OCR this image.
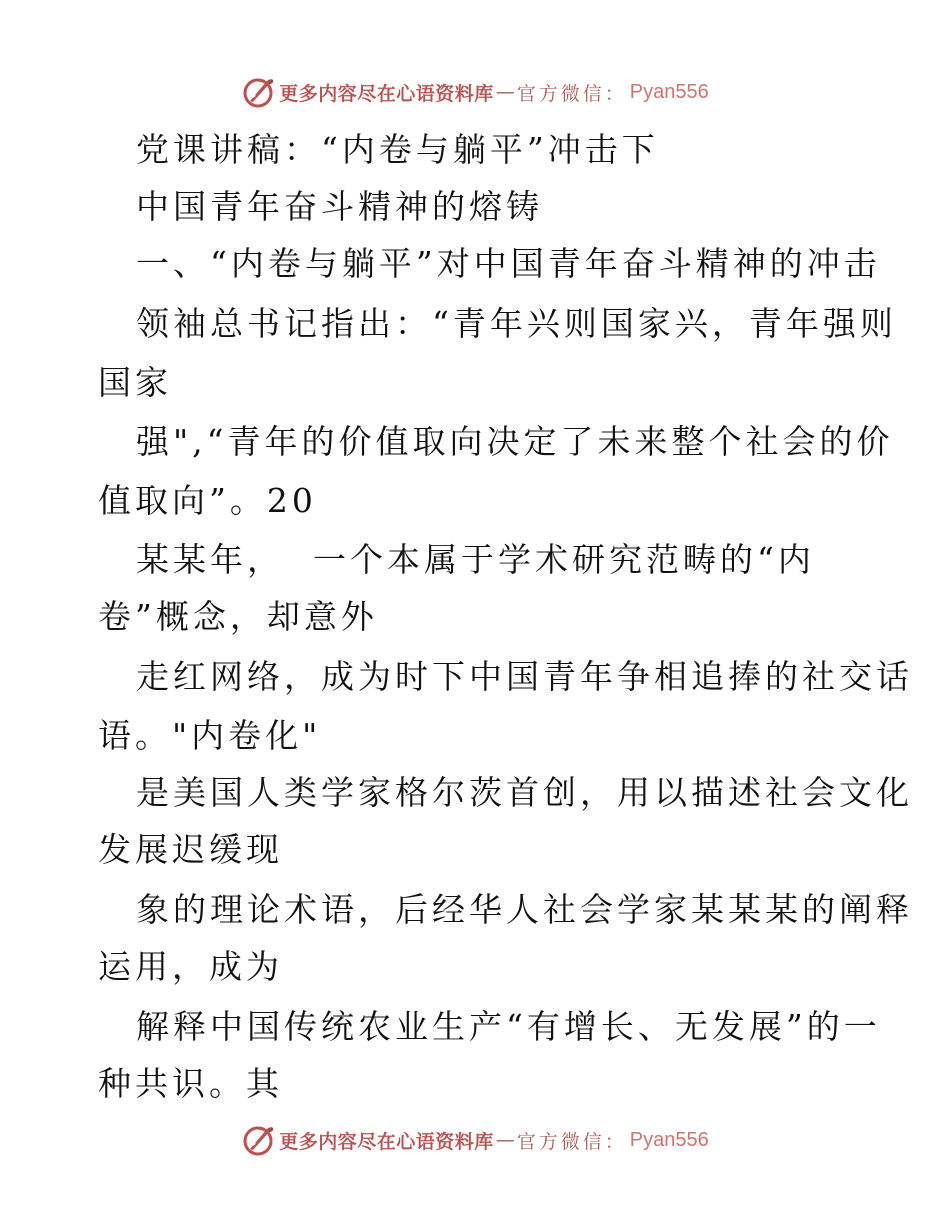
更多内容尽在心语资料库 — 官方微信 ： Pyan556
党课讲稿：“内卷与躺平”冲击下
中国青年奋斗精神的熔铸
一、“内卷与躺平”对中国青年奋斗精神的冲击
领袖总书记指出：“青年兴则国家兴，青年强则
国家
强",“青年的价值取向决定了未来整个社会的价
值取向”。20
某某年，  一个本属于学术研究范畴的“内
卷”概念，却意外
走红网络，成为时下中国青年争相追捧的社交话
语。"内卷化"
是美国人类学家格尔茨首创，用以描述社会文化
发展迟缓现
象的理论术语，后经华人社会学家某某某的阐释
运用，成为
解释中国传统农业生产“有增长、无发展”的一
种共识。其
更多内容尽在心语资料库 — 官方微信 ： Pyan556
